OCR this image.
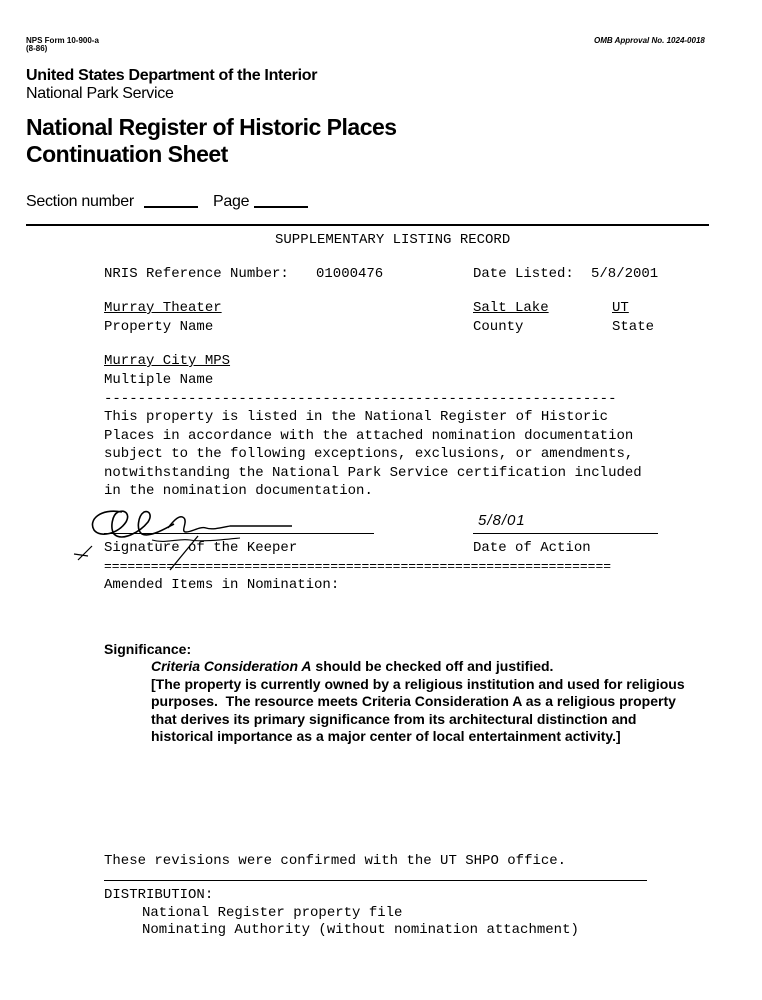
NPS Form 10-900-a
(8-86)
OMB Approval No. 1024-0018
United States Department of the Interior
National Park Service
National Register of Historic Places
Continuation Sheet
Section number	Page
SUPPLEMENTARY LISTING RECORD
NRIS Reference Number: 01000476	Date Listed: 5/8/2001
Murray Theater	Salt Lake	UT
Property Name	County	State
Murray City MPS
Multiple Name
-------------------------------------------------------------
This property is listed in the National Register of Historic
Places in accordance with the attached nomination documentation
subject to the following exceptions, exclusions, or amendments,
notwithstanding the National Park Service certification included
in the nomination documentation.
5/8/01
Signature of the Keeper	Date of Action
=================================================================
Amended Items in Nomination:
Significance:
Criteria Consideration A should be checked off and justified.
[The property is currently owned by a religious institution and used for religious
purposes.  The resource meets Criteria Consideration A as a religious property
that derives its primary significance from its architectural distinction and
historical importance as a major center of local entertainment activity.]
These revisions were confirmed with the UT SHPO office.
DISTRIBUTION:
National Register property file
Nominating Authority (without nomination attachment)
